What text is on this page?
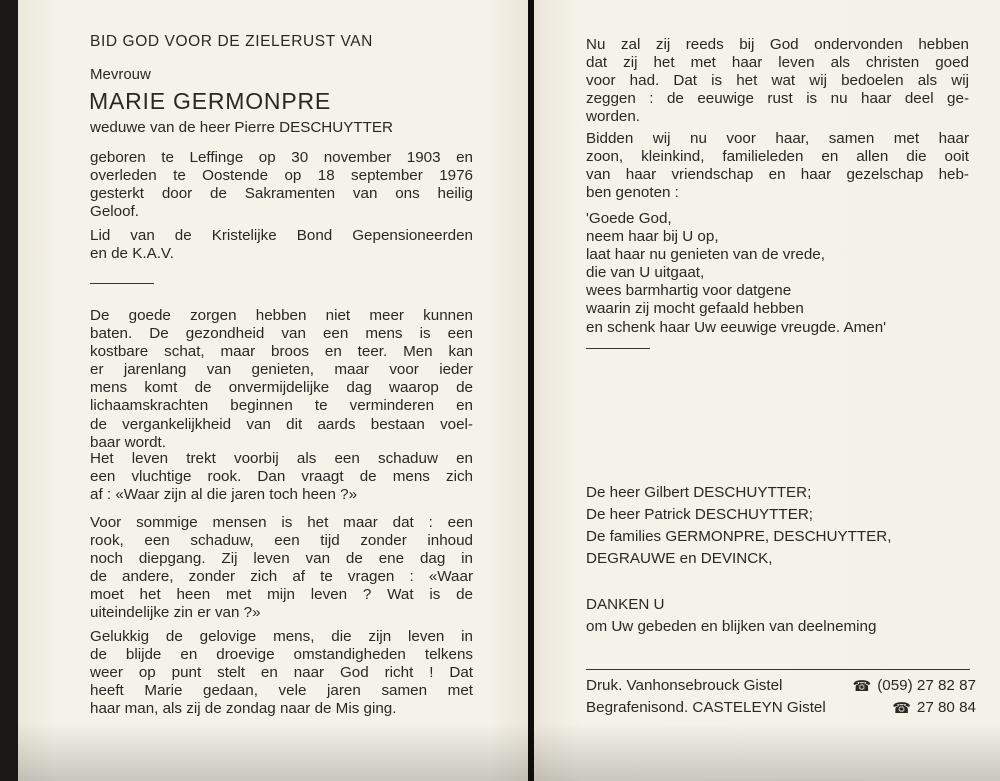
BID GOD VOOR DE ZIELERUST VAN
Mevrouw
MARIE GERMONPRE
weduwe van de heer Pierre DESCHUYTTER
geboren te Leffinge op 30 november 1903 en
overleden te Oostende op 18 september 1976
gesterkt door de Sakramenten van ons heilig
Geloof.
Lid van de Kristelijke Bond Gepensioneerden
en de K.A.V.
De goede zorgen hebben niet meer kunnen
baten. De gezondheid van een mens is een
kostbare schat, maar broos en teer. Men kan
er jarenlang van genieten, maar voor ieder
mens komt de onvermijdelijke dag waarop de
lichaamskrachten beginnen te verminderen en
de vergankelijkheid van dit aards bestaan voel-
baar wordt.
Het leven trekt voorbij als een schaduw en
een vluchtige rook. Dan vraagt de mens zich
af : «Waar zijn al die jaren toch heen ?»
Voor sommige mensen is het maar dat : een
rook, een schaduw, een tijd zonder inhoud
noch diepgang. Zij leven van de ene dag in
de andere, zonder zich af te vragen : «Waar
moet het heen met mijn leven ? Wat is de
uiteindelijke zin er van ?»
Gelukkig de gelovige mens, die zijn leven in
de blijde en droevige omstandigheden telkens
weer op punt stelt en naar God richt ! Dat
heeft Marie gedaan, vele jaren samen met
haar man, als zij de zondag naar de Mis ging.
Nu zal zij reeds bij God ondervonden hebben
dat zij het met haar leven als christen goed
voor had. Dat is het wat wij bedoelen als wij
zeggen : de eeuwige rust is nu haar deel ge-
worden.
Bidden wij nu voor haar, samen met haar
zoon, kleinkind, familieleden en allen die ooit
van haar vriendschap en haar gezelschap heb-
ben genoten :
'Goede God,
neem haar bij U op,
laat haar nu genieten van de vrede,
die van U uitgaat,
wees barmhartig voor datgene
waarin zij mocht gefaald hebben
en schenk haar Uw eeuwige vreugde. Amen'
De heer Gilbert DESCHUYTTER;
De heer Patrick DESCHUYTTER;
De families GERMONPRE, DESCHUYTTER,
DEGRAUWE en DEVINCK,
DANKEN U
om Uw gebeden en blijken van deelneming
Druk. Vanhonsebrouck Gistel	☎ (059) 27 82 87
Begrafenisond. CASTELEYN Gistel	☎ 27 80 84
